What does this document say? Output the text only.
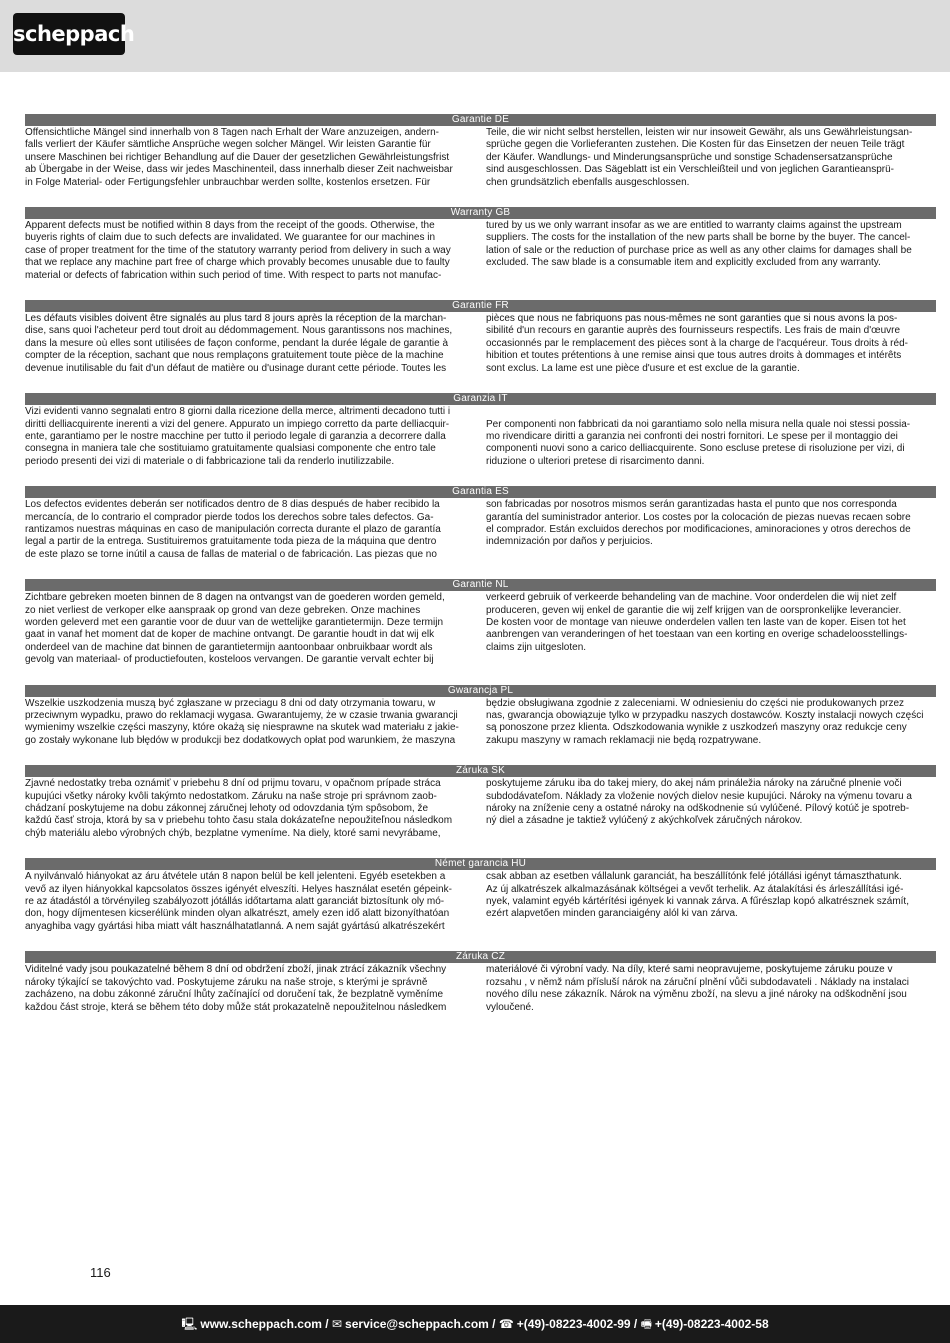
scheppach
Garantie DE
Offensichtliche Mängel sind innerhalb von 8 Tagen nach Erhalt der Ware anzuzeigen, andern-
falls verliert der Käufer sämtliche Ansprüche wegen solcher Mängel. Wir leisten Garantie für
unsere Maschinen bei richtiger Behandlung auf die Dauer der gesetzlichen Gewährleistungsfrist
ab Übergabe in der Weise, dass wir jedes Maschinenteil, dass innerhalb dieser Zeit nachweisbar
in Folge Material- oder Fertigungsfehler unbrauchbar werden sollte, kostenlos ersetzen. Für
Teile, die wir nicht selbst herstellen, leisten wir nur insoweit Gewähr, als uns Gewährleistungsan-
sprüche gegen die Vorlieferanten zustehen. Die Kosten für das Einsetzen der neuen Teile trägt
der Käufer. Wandlungs- und Minderungsansprüche und sonstige Schadensersatzansprüche
sind ausgeschlossen. Das Sägeblatt ist ein Verschleißteil und von jeglichen Garantieansprü-
chen grundsätzlich ebenfalls ausgeschlossen.
Warranty GB
Apparent defects must be notified within 8 days from the receipt of the goods. Otherwise, the
buyeris rights of claim due to such defects are invalidated. We guarantee for our machines in
case of proper treatment for the time of the statutory warranty period from delivery in such a way
that we replace any machine part free of charge which provably becomes unusable due to faulty
material or defects of fabrication within such period of time. With respect to parts not manufac-
tured by us we only warrant insofar as we are entitled to warranty claims against the upstream
suppliers. The costs for the installation of the new parts shall be borne by the buyer. The cancel-
lation of sale or the reduction of purchase price as well as any other claims for damages shall be
excluded. The saw blade is a consumable item and explicitly excluded from any warranty.
Garantie FR
Les défauts visibles doivent être signalés au plus tard 8 jours après la réception de la marchan-
dise, sans quoi l'acheteur perd tout droit au dédommagement. Nous garantissons nos machines,
dans la mesure où elles sont utilisées de façon conforme, pendant la durée légale de garantie à
compter de la réception, sachant que nous remplaçons gratuitement toute pièce de la machine
devenue inutilisable du fait d'un défaut de matière ou d'usinage durant cette période. Toutes les
pièces que nous ne fabriquons pas nous-mêmes ne sont garanties que si nous avons la pos-
sibilité d'un recours en garantie auprès des fournisseurs respectifs. Les frais de main d'œuvre
occasionnés par le remplacement des pièces sont à la charge de l'acquéreur. Tous droits à réd-
hibition et toutes prétentions à une remise ainsi que tous autres droits à dommages et intérêts
sont exclus. La lame est une pièce d'usure et est exclue de la garantie.
Garanzia IT
Vizi evidenti vanno segnalati entro 8 giorni dalla ricezione della merce, altrimenti decadono tutti i
diritti delliacquirente inerenti a vizi del genere. Appurato un impiego corretto da parte delliacquir-
ente, garantiamo per le nostre macchine per tutto il periodo legale di garanzia a decorrere dalla
consegna in maniera tale che sostituiamo gratuitamente qualsiasi componente che entro tale
periodo presenti dei vizi di materiale o di fabbricazione tali da renderlo inutilizzabile.

Per componenti non fabbricati da noi garantiamo solo nella misura nella quale noi stessi possia-
mo rivendicare diritti a garanzia nei confronti dei nostri fornitori. Le spese per il montaggio dei
componenti nuovi sono a carico delliacquirente. Sono escluse pretese di risoluzione per vizi, di
riduzione o ulteriori pretese di risarcimento danni.
Garantia ES
Los defectos evidentes deberán ser notificados dentro de 8 dias después de haber recibido la
mercancía, de lo contrario el comprador pierde todos los derechos sobre tales defectos. Ga-
rantizamos nuestras máquinas en caso de manipulación correcta durante el plazo de garantía
legal a partir de la entrega. Sustituiremos gratuitamente toda pieza de la máquina que dentro
de este plazo se torne inútil a causa de fallas de material o de fabricación. Las piezas que no
son fabricadas por nosotros mismos serán garantizadas hasta el punto que nos corresponda
garantía del suministrador anterior. Los costes por la colocación de piezas nuevas recaen sobre
el comprador. Están excluidos derechos por modificaciones, aminoraciones y otros derechos de
indemnización por daños y perjuicios.
Garantie NL
Zichtbare gebreken moeten binnen de 8 dagen na ontvangst van de goederen worden gemeld,
zo niet verliest de verkoper elke aanspraak op grond van deze gebreken. Onze machines
worden geleverd met een garantie voor de duur van de wettelijke garantietermijn. Deze termijn
gaat in vanaf het moment dat de koper de machine ontvangt. De garantie houdt in dat wij elk
onderdeel van de machine dat binnen de garantietermijn aantoonbaar onbruikbaar wordt als
gevolg van materiaal- of productiefouten, kosteloos vervangen. De garantie vervalt echter bij
verkeerd gebruik of verkeerde behandeling van de machine. Voor onderdelen die wij niet zelf
produceren, geven wij enkel de garantie die wij zelf krijgen van de oorspronkelijke leverancier.
De kosten voor de montage van nieuwe onderdelen vallen ten laste van de koper. Eisen tot het
aanbrengen van veranderingen of het toestaan van een korting en overige schadeloosstellings-
claims zijn uitgesloten.
Gwarancja PL
Wszelkie uszkodzenia muszą być zgłaszane w przeciagu 8 dni od daty otrzymania towaru, w
przeciwnym wypadku, prawo do reklamacji wygasa. Gwarantujemy, że w czasie trwania gwarancji
wymienimy wszelkie części maszyny, które okażą się niesprawne na skutek wad materiału z jakie-
go zostały wykonane lub błędów w produkcji bez dodatkowych opłat pod warunkiem, że maszyna
będzie obsługiwana zgodnie z zaleceniami. W odniesieniu do części nie produkowanych przez
nas, gwarancja obowiązuje tylko w przypadku naszych dostawców. Koszty instalacji nowych części
są ponoszone przez klienta. Odszkodowania wynikłe z uszkodzeń maszyny oraz redukcje ceny
zakupu maszyny w ramach reklamacji nie będą rozpatrywane.
Záruka SK
Zjavné nedostatky treba oznámiť v priebehu 8 dní od prijmu tovaru, v opačnom prípade stráca
kupujúci všetky nároky kvôli takýmto nedostatkom. Záruku na naše stroje pri správnom zaob-
chádzaní poskytujeme na dobu zákonnej záručnej lehoty od odovzdania tým spôsobom, že
každú časť stroja, ktorá by sa v priebehu tohto času stala dokázateľne nepoužiteľnou následkom
chýb materiálu alebo výrobných chýb, bezplatne vymeníme. Na diely, ktoré sami nevyrábame,
poskytujeme záruku iba do takej miery, do akej nám prináležia nároky na záručné plnenie voči
subdodávateľom. Náklady za vloženie nových dielov nesie kupujúci. Nároky na výmenu tovaru a
nároky na zníženie ceny a ostatné nároky na odškodnenie sú vylúčené. Pílový kotúč je spotreb-
ný diel a zásadne je taktiež vylúčený z akýchkoľvek záručných nárokov.
Német garancia HU
A nyilvánvaló hiányokat az áru átvétele után 8 napon belül be kell jelenteni. Egyéb esetekben a
vevő az ilyen hiányokkal kapcsolatos összes igényét elveszíti. Helyes használat esetén gépeink-
re az átadástól a törvényileg szabályozott jótállás időtartama alatt garanciát biztosítunk oly mó-
don, hogy díjmentesen kicserélünk minden olyan alkatrészt, amely ezen idő alatt bizonyíthatóan
anyaghiba vagy gyártási hiba miatt vált használhatatlanná. A nem saját gyártású alkatrészekért
csak abban az esetben vállalunk garanciát, ha beszállítónk felé jótállási igényt támaszthatunk.
Az új alkatrészek alkalmazásának költségei a vevőt terhelik. Az átalakítási és árleszállítási igé-
nyek, valamint egyéb kártérítési igények ki vannak zárva. A fűrészlap kopó alkatrésznek számít,
ezért alapvetően minden garanciaigény alól ki van zárva.
Záruka CZ
Viditelné vady jsou poukazatelné během 8 dní od obdržení zboží, jinak ztrácí zákazník všechny
nároky týkající se takovýchto vad. Poskytujeme záruku na naše stroje, s kterými je správně
zacházeno, na dobu zákonné záruční lhůty začínající od doručení tak, že bezplatně vyměníme
každou část stroje, která se během této doby může stát prokazatelně nepoužitelnou následkem
materiálové či výrobní vady. Na díly, které sami neopravujeme, poskytujeme záruku pouze v
rozsahu , v němž nám přísluší nárok na záruční plnění vůči subdodavateli . Náklady na instalaci
nového dílu nese zákazník. Nárok na výměnu zboží, na slevu a jiné nároky na odškodnění jsou
vyloučené.
116
🖳 www.scheppach.com / ✉ service@scheppach.com / ☎ +(49)-08223-4002-99 / 🖷 +(49)-08223-4002-58
